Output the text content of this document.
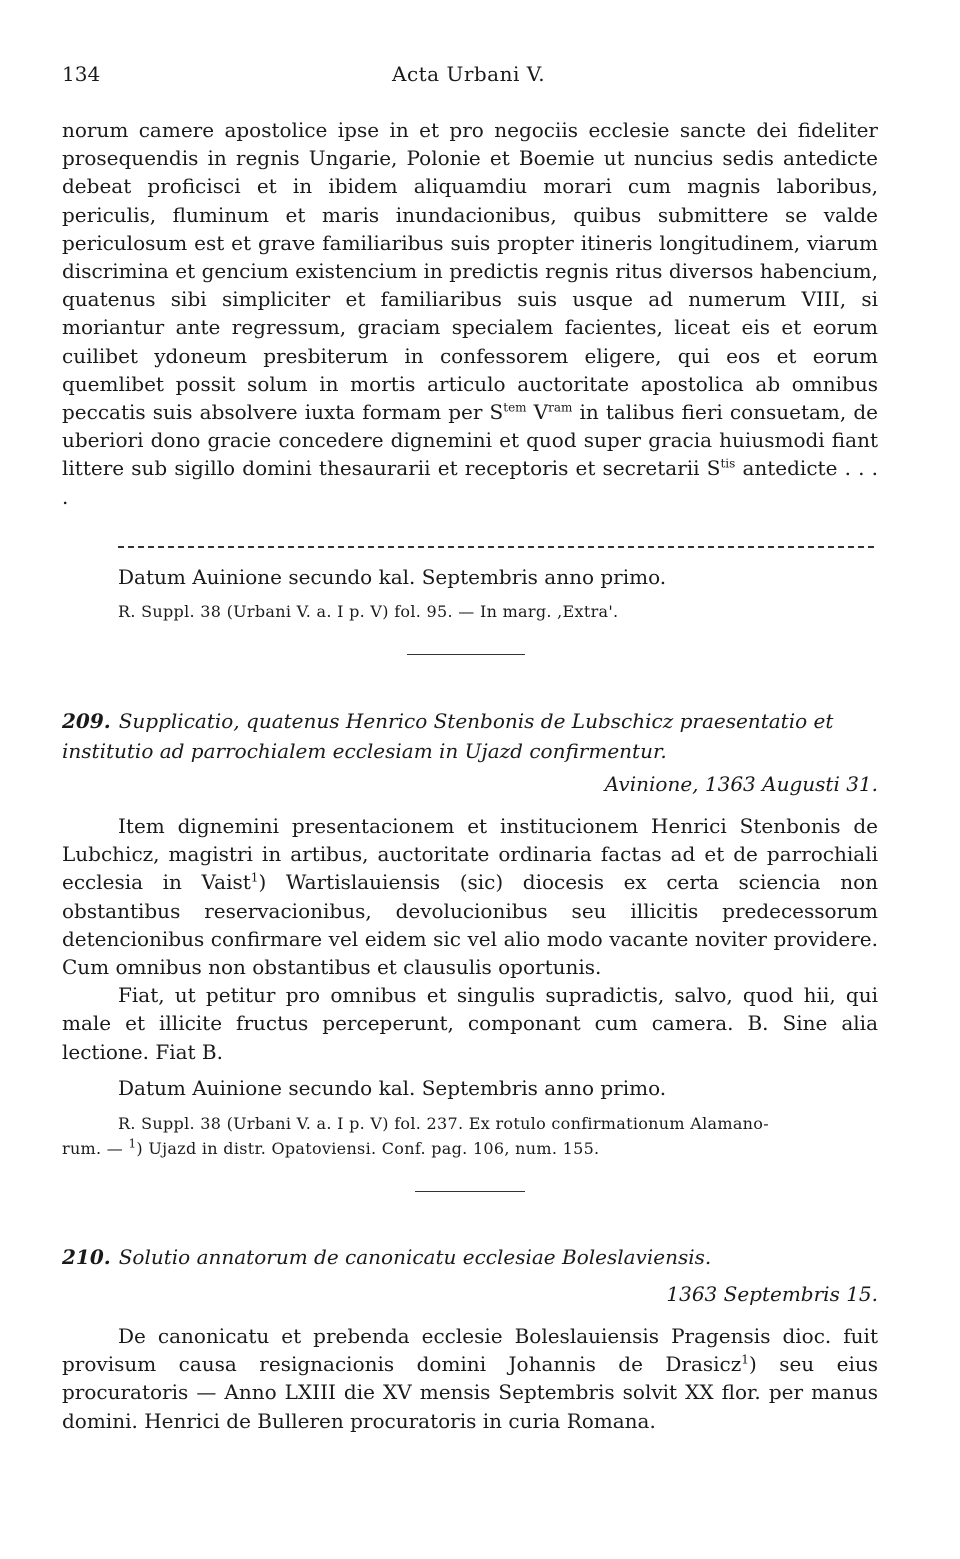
134	Acta Urbani V.

norum camere apostolice ipse in et pro negociis ecclesie sancte dei fideliter prosequendis in regnis Ungarie, Polonie et Boemie ut nuncius sedis antedicte debeat proficisci et in ibidem aliquamdiu morari cum magnis laboribus, periculis, fluminum et maris inundacionibus, quibus submittere se valde periculosum est et grave familiaribus suis propter itineris longitudinem, viarum discrimina et gencium existencium in predictis regnis ritus diversos habencium, quatenus sibi simpliciter et familiaribus suis usque ad numerum VIII, si moriantur ante regressum, graciam specialem facientes, liceat eis et eorum cuilibet ydoneum presbiterum in confessorem eligere, qui eos et eorum quemlibet possit solum in mortis articulo auctoritate apostolica ab omnibus peccatis suis absolvere iuxta formam per $S^{tem}$ $V^{ram}$ in talibus fieri consuetam, de uberiori dono gracie concedere dignemini et quod super gracia huiusmodi fiant littere sub sigillo domini thesaurarii et receptoris et secretarii $S^{tis}$ antedicte . . . .

Datum Auinione secundo kal. Septembris anno primo.

R. Suppl. 38 (Urbani V. a. I p. V) fol. 95. — In marg. ,Extra'.

209. Supplicatio, quatenus Henrico Stenbonis de Lubschicz praesentatio et institutio ad parrochialem ecclesiam in Ujazd confirmentur.

Avinione, 1363 Augusti 31.

Item dignemini presentacionem et institucionem Henrici Stenbonis de Lubchicz, magistri in artibus, auctoritate ordinaria factas ad et de parrochiali ecclesia in Vaist$^1$) Wartislauiensis (sic) diocesis ex certa sciencia non obstantibus reservacionibus, devolucionibus seu illicitis predecessorum detencionibus confirmare vel eidem sic vel alio modo vacante noviter providere. Cum omnibus non obstantibus et clausulis oportunis.

Fiat, ut petitur pro omnibus et singulis supradictis, salvo, quod hii, qui male et illicite fructus perceperunt, componant cum camera. B. Sine alia lectione. Fiat B.

Datum Auinione secundo kal. Septembris anno primo.

R. Suppl. 38 (Urbani V. a. I p. V) fol. 237. Ex rotulo confirmationum Alamano-

rum. — $^1$) Ujazd in distr. Opatoviensi. Conf. pag. 106, num. 155.

210. Solutio annatorum de canonicatu ecclesiae Boleslaviensis.

1363 Septembris 15.

De canonicatu et prebenda ecclesie Boleslauiensis Pragensis dioc. fuit provisum causa resignacionis domini Johannis de Drasicz$^1$) seu eius procuratoris — Anno LXIII die XV mensis Septembris solvit XX flor. per manus domini. Henrici de Bulleren procuratoris in curia Romana.
